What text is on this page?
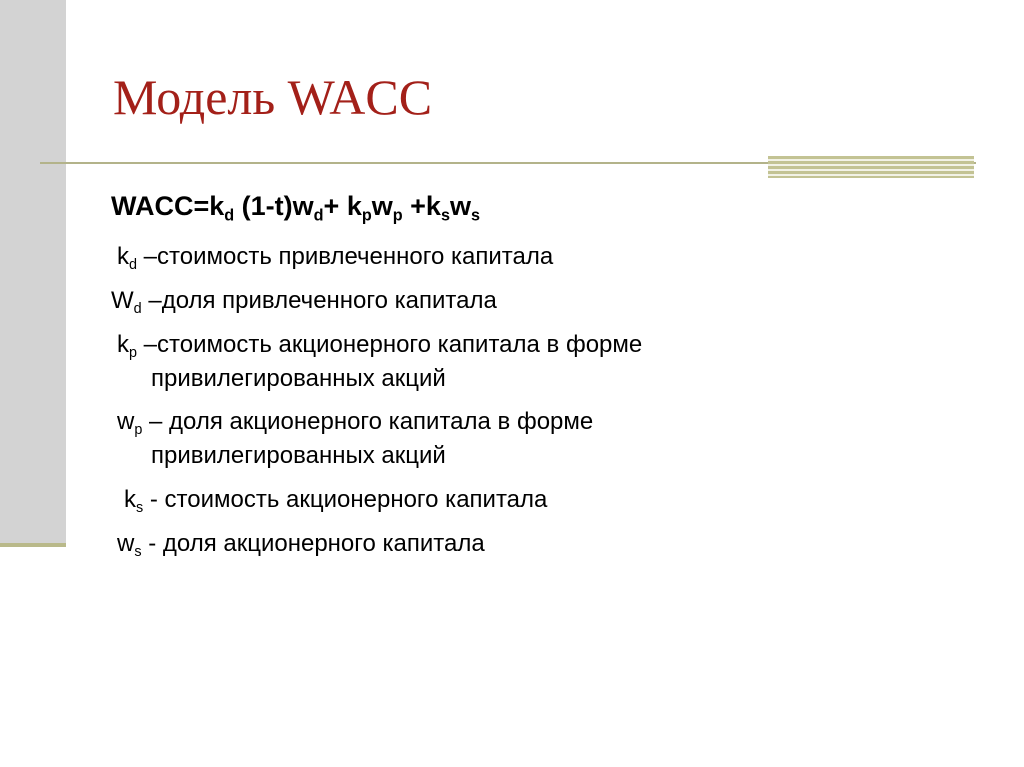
Модель WACC
$WACC=k_d$ $(1-t)w_d+ k_pw_p +k_sw_s$
$k_d$ –стоимость привлеченного капитала
$W_d$ –доля привлеченного капитала
$k_p$ –стоимость акционерного капитала в форме
привилегированных акций
$w_p$ – доля акционерного капитала в форме
привилегированных акций
$k_s$ - стоимость акционерного капитала
$w_s$ - доля акционерного капитала
